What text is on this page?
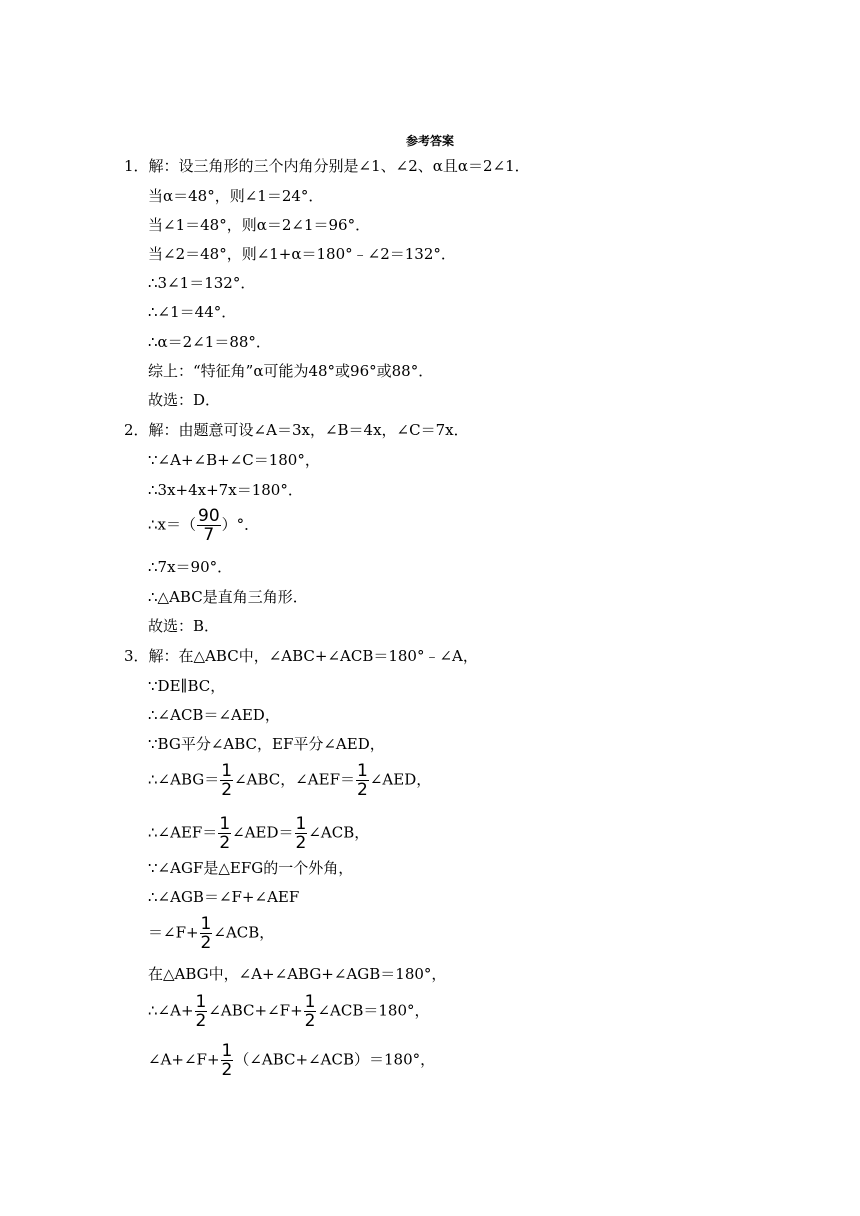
参考答案
1．解：设三角形的三个内角分别是∠1、∠2、α且α＝2∠1．
当α＝48°，则∠1＝24°．
当∠1＝48°，则α＝2∠1＝96°．
当∠2＝48°，则∠1+α＝180°﹣∠2＝132°．
∴3∠1＝132°．
∴∠1＝44°．
∴α＝2∠1＝88°．
综上：“特征角”α可能为48°或96°或88°．
故选：D．
2．解：由题意可设∠A＝3x，∠B＝4x，∠C＝7x．
∵∠A+∠B+∠C＝180°，
∴3x+4x+7x＝180°．
∴x＝（ $\frac{90}{7}$ ）°．
∴7x＝90°．
∴△ABC是直角三角形．
故选：B．
3．解：在△ABC中，∠ABC+∠ACB＝180°﹣∠A，
∵DE∥BC，
∴∠ACB＝∠AED，
∵BG平分∠ABC，EF平分∠AED，
∴∠ABG＝ $\frac{1}{2}$ ∠ABC，∠AEF＝ $\frac{1}{2}$ ∠AED，
∴∠AEF＝ $\frac{1}{2}$ ∠AED＝ $\frac{1}{2}$ ∠ACB，
∵∠AGF是△EFG的一个外角，
∴∠AGB＝∠F+∠AEF
＝∠F+ $\frac{1}{2}$ ∠ACB，
在△ABG中，∠A+∠ABG+∠AGB＝180°，
∴∠A+ $\frac{1}{2}$ ∠ABC+∠F+ $\frac{1}{2}$ ∠ACB＝180°，
∠A+∠F+ $\frac{1}{2}$ （∠ABC+∠ACB）＝180°，
